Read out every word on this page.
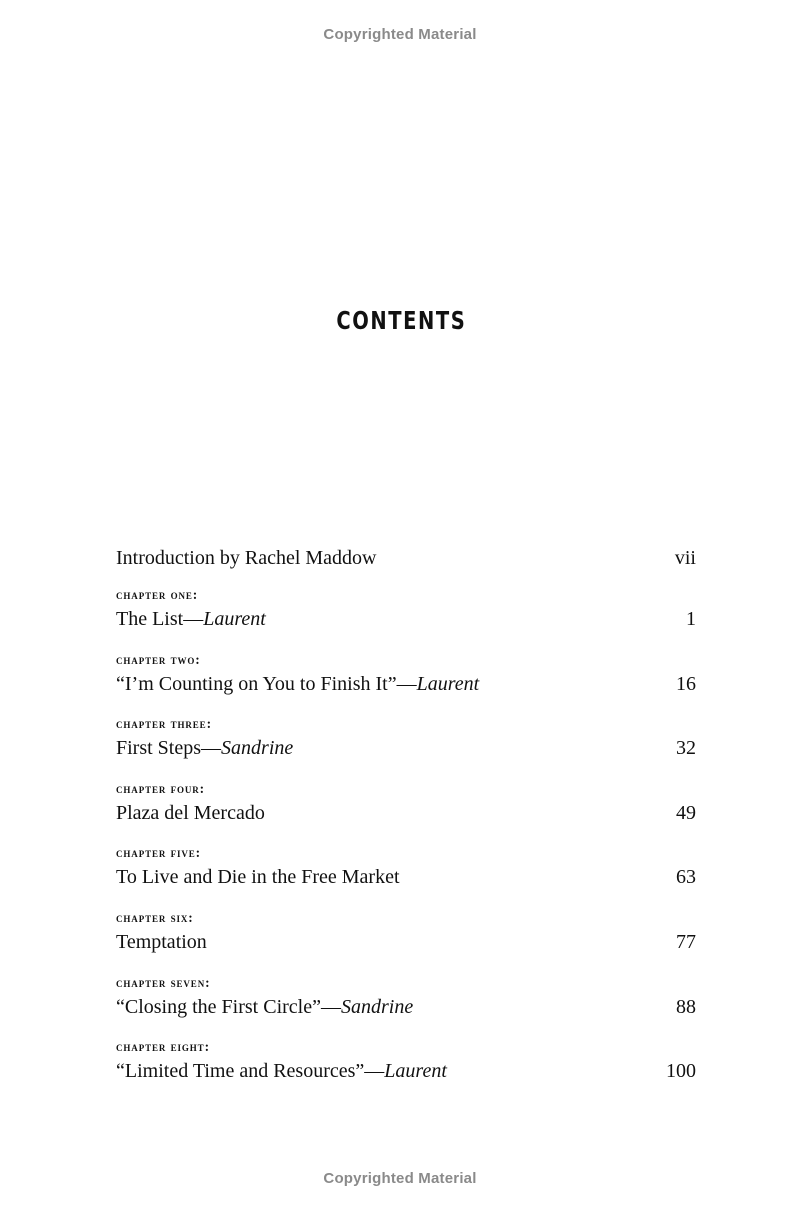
Copyrighted Material
CONTENTS
Introduction by Rachel Maddow	vii
chapter one:
The List—Laurent	1
chapter two:
“I’m Counting on You to Finish It”—Laurent	16
chapter three:
First Steps—Sandrine	32
chapter four:
Plaza del Mercado	49
chapter five:
To Live and Die in the Free Market	63
chapter six:
Temptation	77
chapter seven:
“Closing the First Circle”—Sandrine	88
chapter eight:
“Limited Time and Resources”—Laurent	100
Copyrighted Material
